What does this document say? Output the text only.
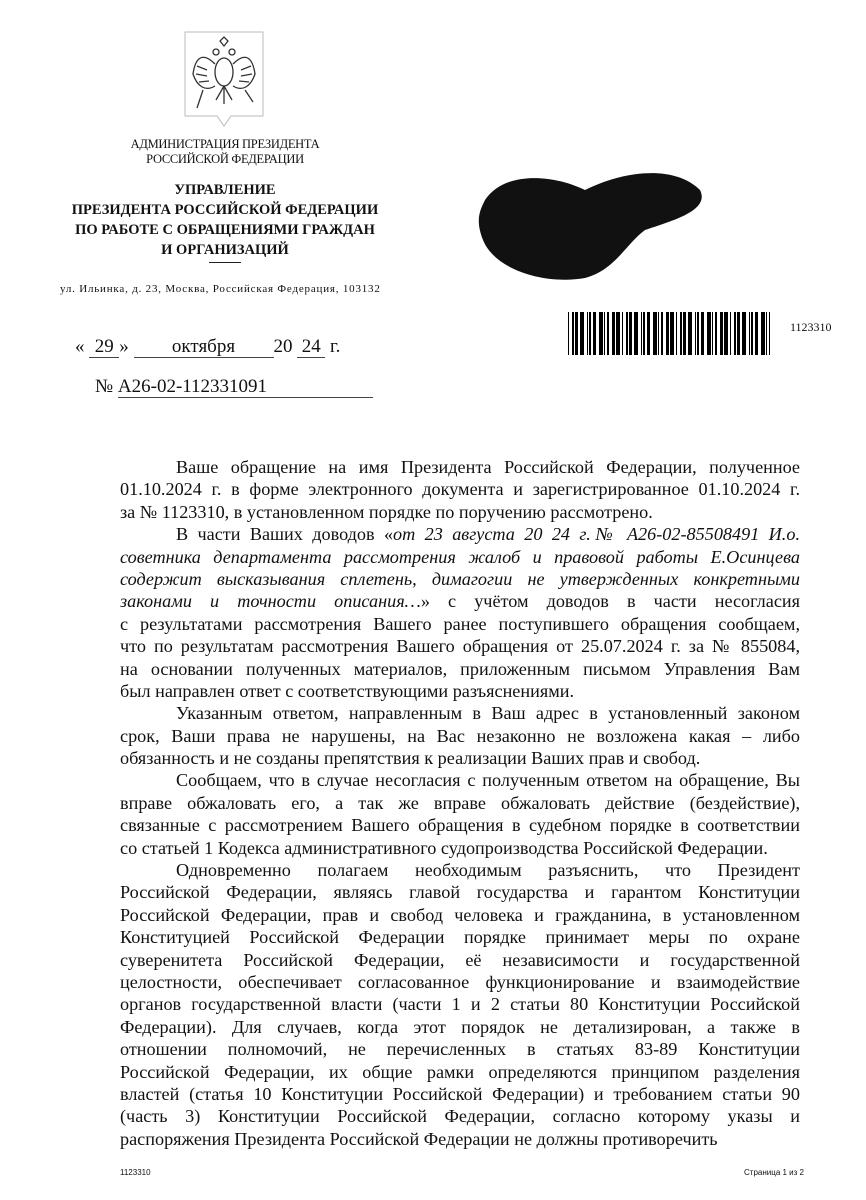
АДМИНИСТРАЦИЯ ПРЕЗИДЕНТА
РОССИЙСКОЙ ФЕДЕРАЦИИ
УПРАВЛЕНИЕ
ПРЕЗИДЕНТА РОССИЙСКОЙ ФЕДЕРАЦИИ
ПО РАБОТЕ С ОБРАЩЕНИЯМИ ГРАЖДАН
И ОРГАНИЗАЦИЙ
ул. Ильинка, д. 23, Москва, Российская Федерация, 103132
« 29 » октября 20 24 г.
№ А26-02-112331091
1123310
Ваше обращение на имя Президента Российской Федерации, полученное
01.10.2024 г. в форме электронного документа и зарегистрированное 01.10.2024 г.
за № 1123310, в установленном порядке по поручению рассмотрено.
В части Ваших доводов «от 23 августа 20 24 г.№ А26-02-85508491 И.о.
советника департамента рассмотрения жалоб и правовой работы Е.Осинцева
содержит высказывания сплетень, димагогии не утвержденных конкретными
законами и точности описания…» с учётом доводов в части несогласия
с результатами рассмотрения Вашего ранее поступившего обращения сообщаем,
что по результатам рассмотрения Вашего обращения от 25.07.2024 г. за № 855084,
на основании полученных материалов, приложенным письмом Управления Вам
был направлен ответ с соответствующими разъяснениями.
Указанным ответом, направленным в Ваш адрес в установленный законом
срок, Ваши права не нарушены, на Вас незаконно не возложена какая – либо
обязанность и не созданы препятствия к реализации Ваших прав и свобод.
Сообщаем, что в случае несогласия с полученным ответом на обращение, Вы
вправе обжаловать его, а так же вправе обжаловать действие (бездействие),
связанные с рассмотрением Вашего обращения в судебном порядке в соответствии
со статьей 1 Кодекса административного судопроизводства Российской Федерации.
Одновременно полагаем необходимым разъяснить, что Президент
Российской Федерации, являясь главой государства и гарантом Конституции
Российской Федерации, прав и свобод человека и гражданина, в установленном
Конституцией Российской Федерации порядке принимает меры по охране
суверенитета Российской Федерации, её независимости и государственной
целостности, обеспечивает согласованное функционирование и взаимодействие
органов государственной власти (части 1 и 2 статьи 80 Конституции Российской
Федерации). Для случаев, когда этот порядок не детализирован, а также в
отношении полномочий, не перечисленных в статьях 83-89 Конституции
Российской Федерации, их общие рамки определяются принципом разделения
властей (статья 10 Конституции Российской Федерации) и требованием статьи 90
(часть 3) Конституции Российской Федерации, согласно которому указы и
распоряжения Президента Российской Федерации не должны противоречить
1123310	Страница 1 из 2
